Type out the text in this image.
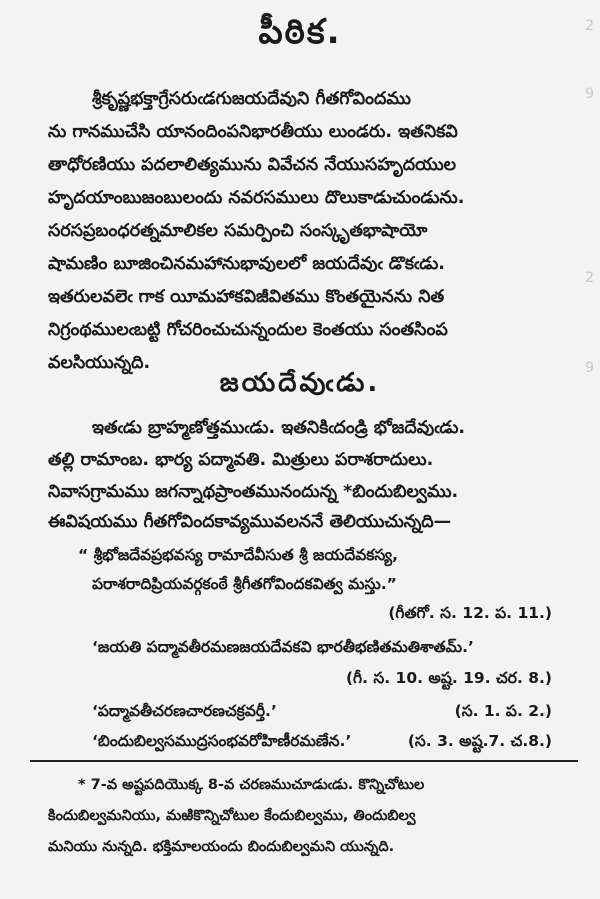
2
9
2
9
పీఠిక.
శ్రీకృష్ణభక్తాగ్రేసరుఁడగుజయదేవుని గీతగోవిందము
ను గానముచేసి యానందింపనిభారతీయు లుండరు. ఇతనికవి
తాధోరణియు పదలాలిత్యమును వివేచన నేయుసహృదయుల
హృదయాంబుజంబులందు నవరసములు దొలుకాడుచుండును.
సరసప్రబంధరత్నమాలికల సమర్పించి సంస్కృతభాషాయో
షామణిం బూజించినమహానుభావులలో జయదేవుఁ డొకఁడు.
ఇతరులవలెఁ గాక యీమహాకవిజీవితము కొంతయైనను నిత
నిగ్రంథములఁబట్టి గోచరించుచున్నందుల కెంతయు సంతసింప
వలసియున్నది.
జయదేవుఁడు.
ఇతఁడు బ్రాహ్మణోత్తముఁడు. ఇతనికిఁదండ్రి భోజదేవుఁడు.
తల్లి రామాంబ. భార్య పద్మావతి. మిత్రులు పరాశరాదులు.
నివాసగ్రామము జగన్నాథప్రాంతమునందున్న *బిందుబిల్వము.
ఈవిషయము గీతగోవిందకావ్యమువలననే తెలియుచున్నది—
“ శ్రీభోజదేవప్రభవస్య రామాదేవీసుత శ్రీ జయదేవకస్య,
పరాశరాదిప్రియవర్గకంఠే శ్రీగీతగోవిందకవిత్వ మస్తు.”
(గీతగో. స. 12. ప. 11.)
‘జయతి పద్మావతీరమణజయదేవకవి భారతీభణితమతిశాతమ్.’
(గీ. స. 10. అష్ట. 19. చర. 8.)
‘పద్మావతీచరణచారణచక్రవర్తీ.’	(స. 1. ప. 2.)
‘బిందుబిల్వసముద్రసంభవరోహిణీరమణేన.’	(స. 3. అష్ట.7. చ.8.)
* 7-వ అష్టపదియొక్క 8-వ చరణముచూడుఁడు. కొన్నిచోటుల
కిందుబిల్వమనియు, మఱికొన్నిచోటుల కేందుబిల్వము, తిందుబిల్వ
మనియు నున్నది. భక్తిమాలయందు బిందుబిల్వమని యున్నది.
